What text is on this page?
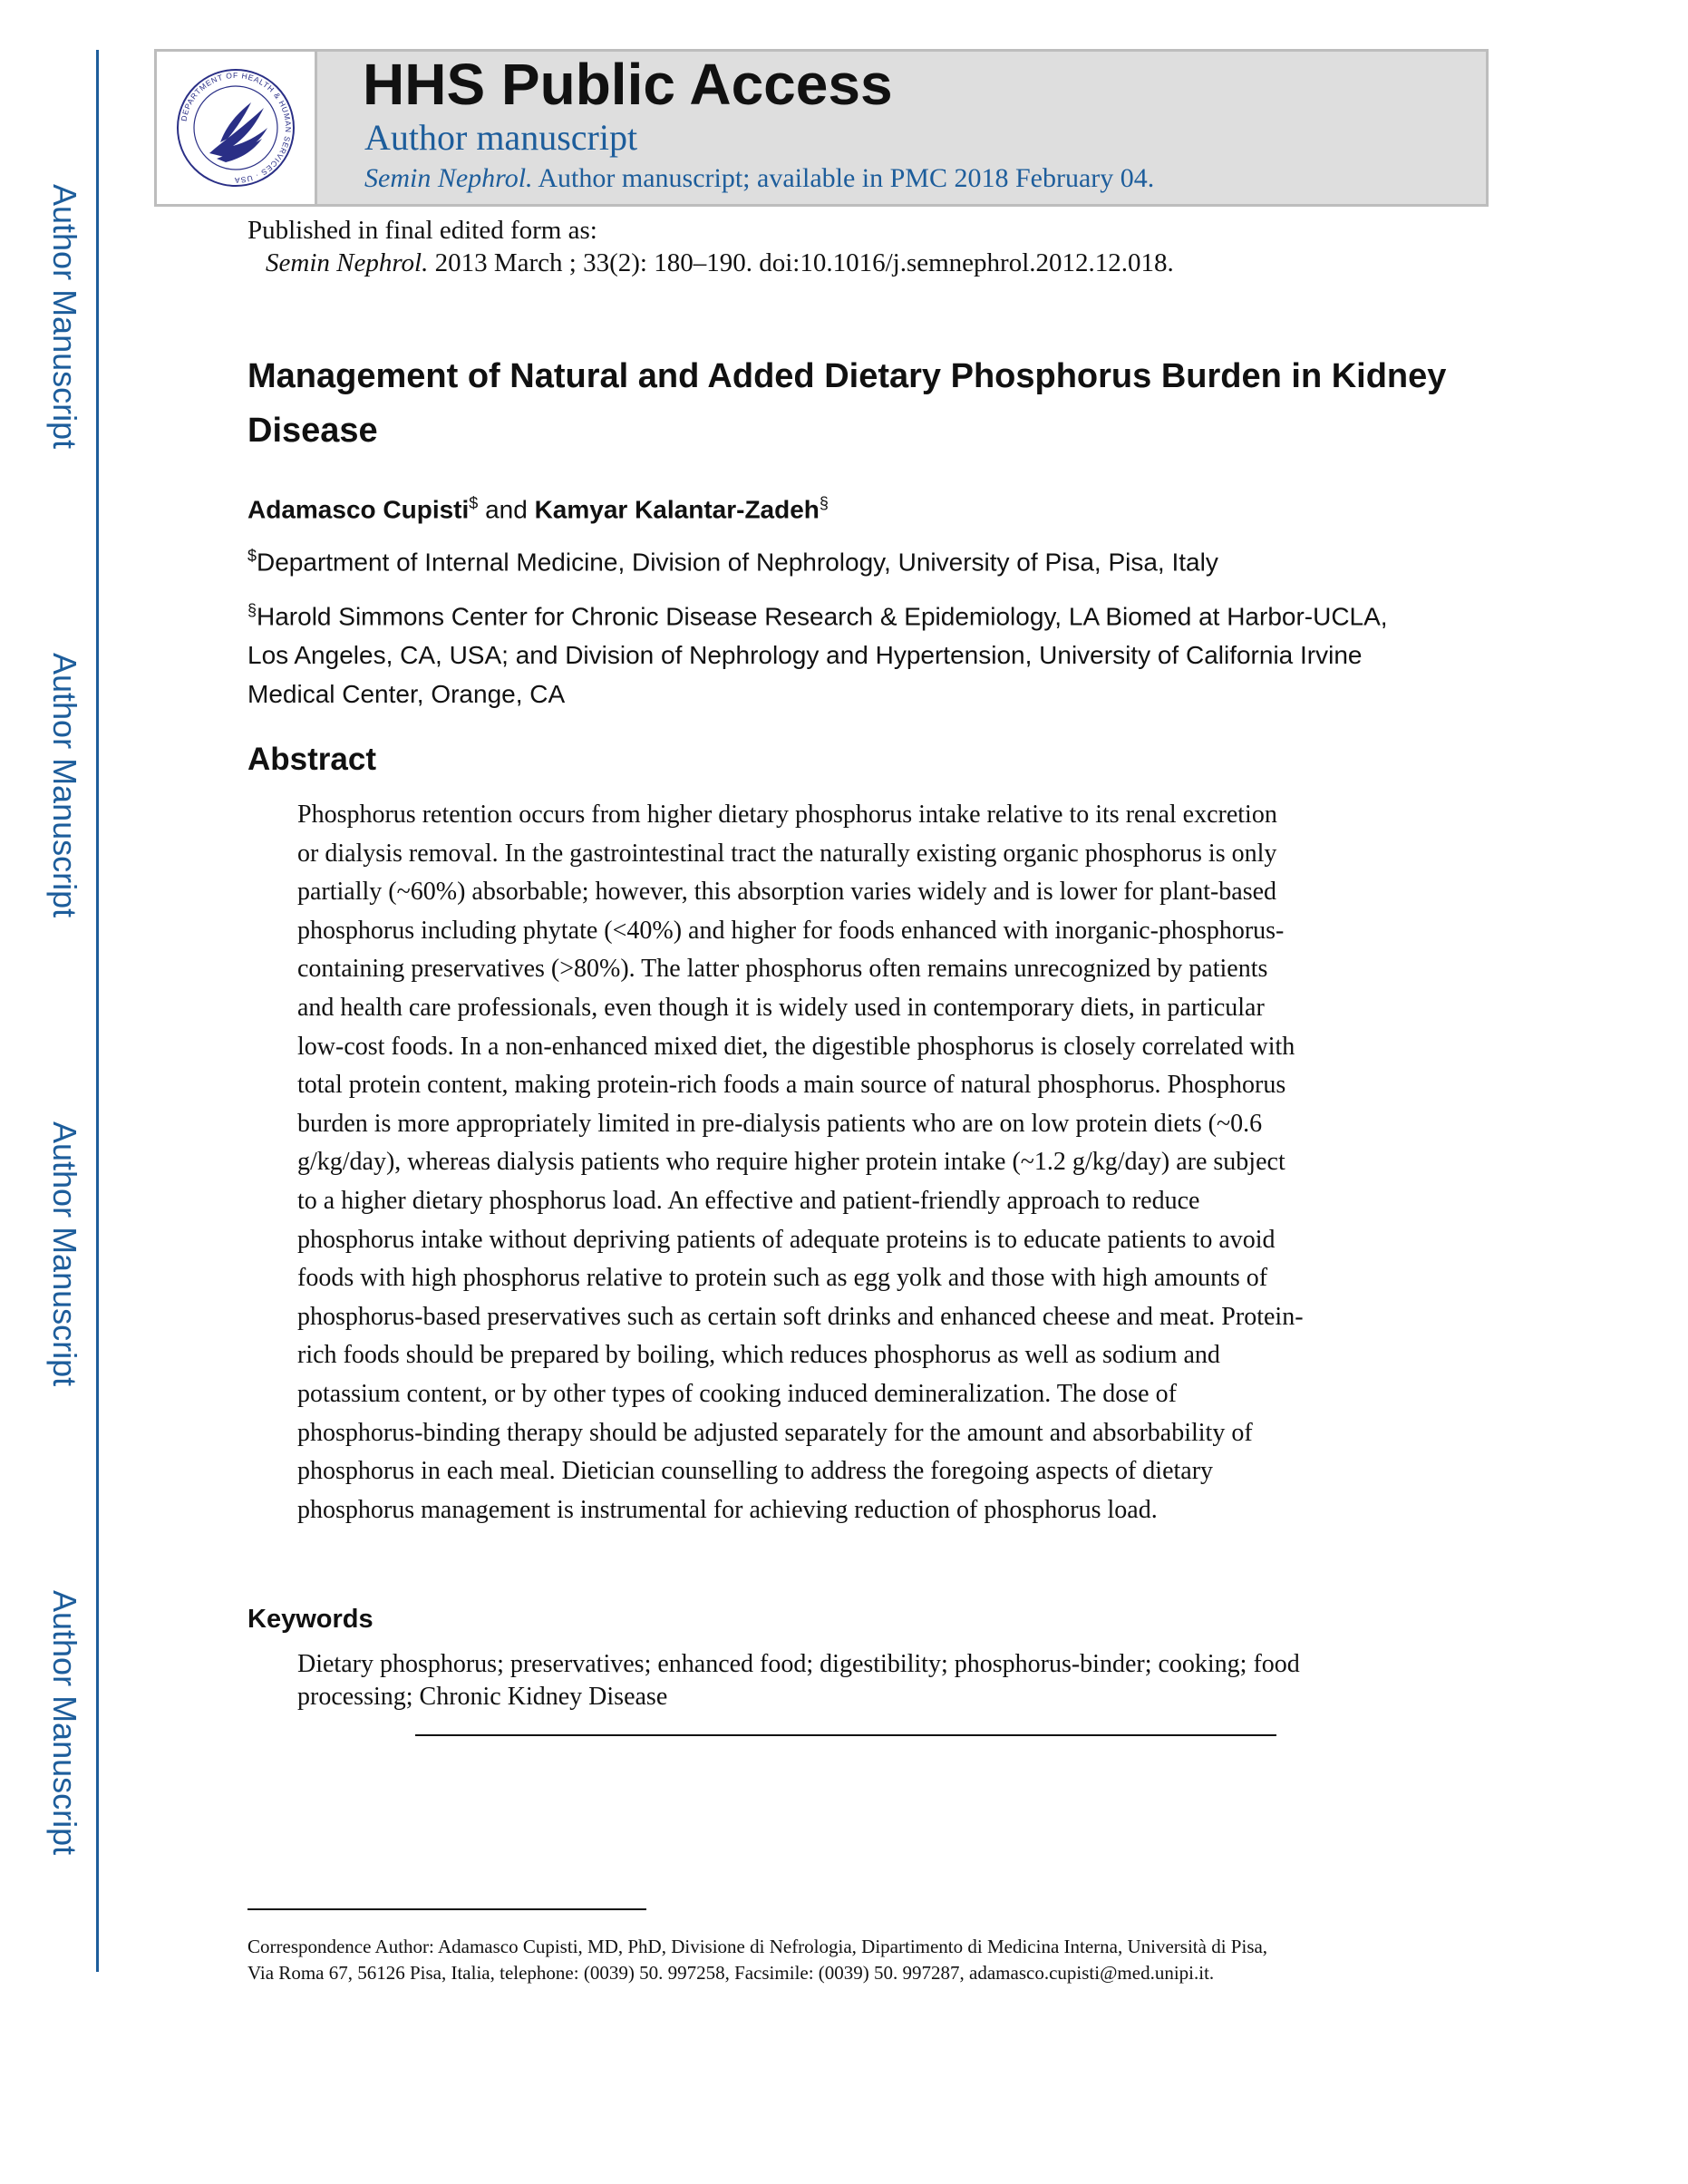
Author Manuscript
Author Manuscript
Author Manuscript
Author Manuscript
DEPARTMENT OF HEALTH & HUMAN SERVICES · USA
HHS Public Access
Author manuscript
Semin Nephrol. Author manuscript; available in PMC 2018 February 04.
Published in final edited form as:
Semin Nephrol. 2013 March ; 33(2): 180–190. doi:10.1016/j.semnephrol.2012.12.018.
Management of Natural and Added Dietary Phosphorus Burden in Kidney Disease
Adamasco Cupisti$ and Kamyar Kalantar-Zadeh§
$Department of Internal Medicine, Division of Nephrology, University of Pisa, Pisa, Italy
§Harold Simmons Center for Chronic Disease Research & Epidemiology, LA Biomed at Harbor-UCLA, Los Angeles, CA, USA; and Division of Nephrology and Hypertension, University of California Irvine Medical Center, Orange, CA
Abstract
Phosphorus retention occurs from higher dietary phosphorus intake relative to its renal excretion
or dialysis removal. In the gastrointestinal tract the naturally existing organic phosphorus is only
partially (~60%) absorbable; however, this absorption varies widely and is lower for plant-based
phosphorus including phytate (<40%) and higher for foods enhanced with inorganic-phosphorus-
containing preservatives (>80%). The latter phosphorus often remains unrecognized by patients
and health care professionals, even though it is widely used in contemporary diets, in particular
low-cost foods. In a non-enhanced mixed diet, the digestible phosphorus is closely correlated with
total protein content, making protein-rich foods a main source of natural phosphorus. Phosphorus
burden is more appropriately limited in pre-dialysis patients who are on low protein diets (~0.6
g/kg/day), whereas dialysis patients who require higher protein intake (~1.2 g/kg/day) are subject
to a higher dietary phosphorus load. An effective and patient-friendly approach to reduce
phosphorus intake without depriving patients of adequate proteins is to educate patients to avoid
foods with high phosphorus relative to protein such as egg yolk and those with high amounts of
phosphorus-based preservatives such as certain soft drinks and enhanced cheese and meat. Protein-
rich foods should be prepared by boiling, which reduces phosphorus as well as sodium and
potassium content, or by other types of cooking induced demineralization. The dose of
phosphorus-binding therapy should be adjusted separately for the amount and absorbability of
phosphorus in each meal. Dietician counselling to address the foregoing aspects of dietary
phosphorus management is instrumental for achieving reduction of phosphorus load.
Keywords
Dietary phosphorus; preservatives; enhanced food; digestibility; phosphorus-binder; cooking; food
processing; Chronic Kidney Disease
Correspondence Author: Adamasco Cupisti, MD, PhD, Divisione di Nefrologia, Dipartimento di Medicina Interna, Università di Pisa,
Via Roma 67, 56126 Pisa, Italia, telephone: (0039) 50. 997258, Facsimile: (0039) 50. 997287, adamasco.cupisti@med.unipi.it.
